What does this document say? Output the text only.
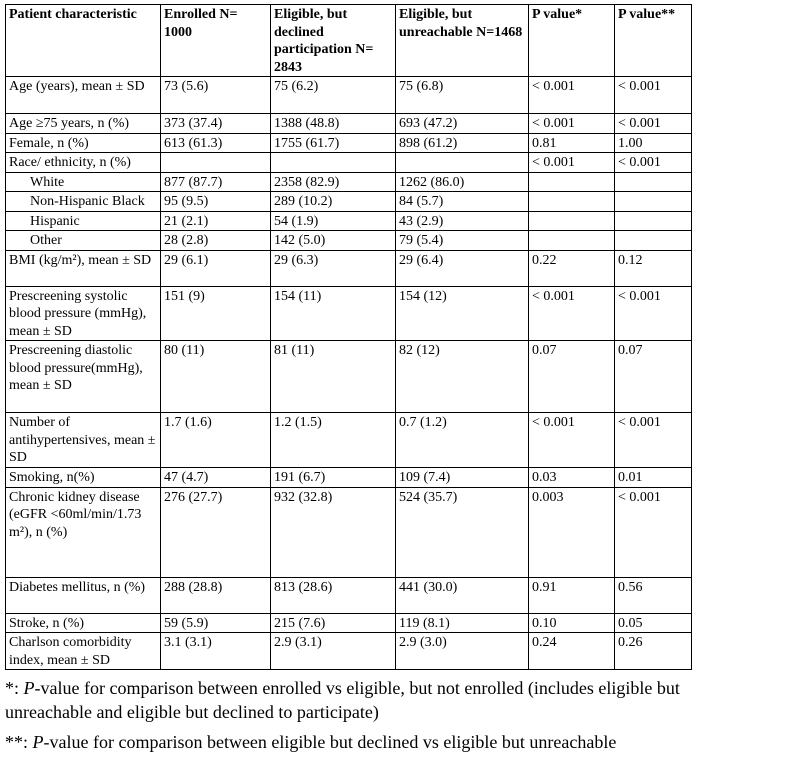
Patient characteristic	Enrolled N= 1000	Eligible, but declined participation N= 2843	Eligible, but unreachable N=1468	P value*	P value**
Age (years), mean ± SD	73 (5.6)	75 (6.2)	75 (6.8)	< 0.001	< 0.001
Age ≥75 years, n (%)	373 (37.4)	1388 (48.8)	693 (47.2)	< 0.001	< 0.001
Female, n (%)	613 (61.3)	1755 (61.7)	898 (61.2)	0.81	1.00
Race/ ethnicity, n (%)				< 0.001	< 0.001
White	877 (87.7)	2358 (82.9)	1262 (86.0)		
Non-Hispanic Black	95 (9.5)	289 (10.2)	84 (5.7)		
Hispanic	21 (2.1)	54 (1.9)	43 (2.9)		
Other	28 (2.8)	142 (5.0)	79 (5.4)		
BMI (kg/m²), mean ± SD	29 (6.1)	29 (6.3)	29 (6.4)	0.22	0.12
Prescreening systolic blood pressure (mmHg), mean ± SD	151 (9)	154 (11)	154 (12)	< 0.001	< 0.001
Prescreening diastolic blood pressure(mmHg), mean ± SD	80 (11)	81 (11)	82 (12)	0.07	0.07
Number of antihypertensives, mean ± SD	1.7 (1.6)	1.2 (1.5)	0.7 (1.2)	< 0.001	< 0.001
Smoking, n(%)	47 (4.7)	191 (6.7)	109 (7.4)	0.03	0.01
Chronic kidney disease (eGFR <60ml/min/1.73 m²), n (%)	276 (27.7)	932 (32.8)	524 (35.7)	0.003	< 0.001
Diabetes mellitus, n (%)	288 (28.8)	813 (28.6)	441 (30.0)	0.91	0.56
Stroke, n (%)	59 (5.9)	215 (7.6)	119 (8.1)	0.10	0.05
Charlson comorbidity index, mean ± SD	3.1 (3.1)	2.9 (3.1)	2.9 (3.0)	0.24	0.26
*: P-value for comparison between enrolled vs eligible, but not enrolled (includes eligible but
unreachable and eligible but declined to participate)
**: P-value for comparison between eligible but declined vs eligible but unreachable
